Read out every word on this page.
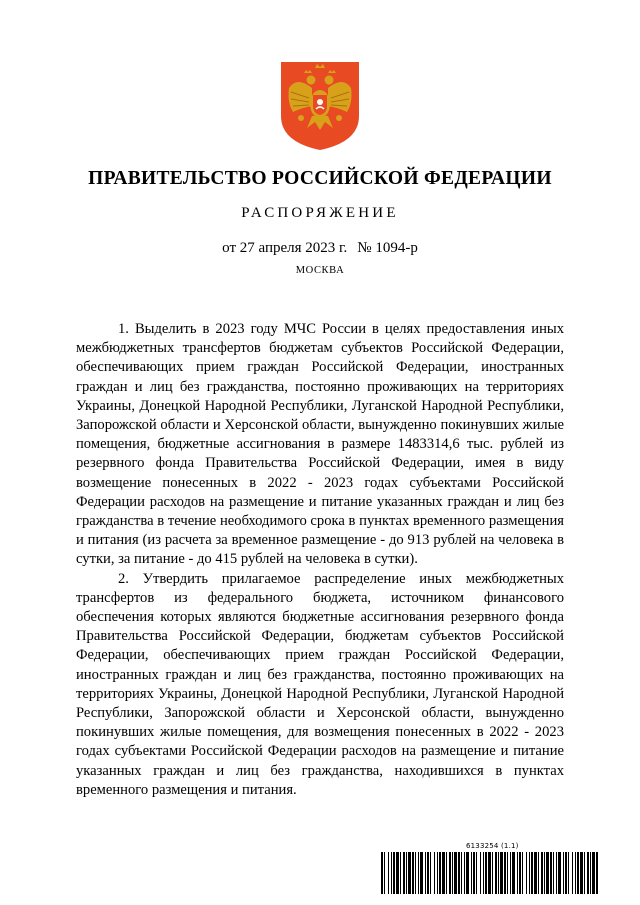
ПРАВИТЕЛЬСТВО РОССИЙСКОЙ ФЕДЕРАЦИИ
РАСПОРЯЖЕНИЕ
от 27 апреля 2023 г. № 1094-р
МОСКВА

1. Выделить в 2023 году МЧС России в целях предоставления иных межбюджетных трансфертов бюджетам субъектов Российской Федерации, обеспечивающих прием граждан Российской Федерации, иностранных граждан и лиц без гражданства, постоянно проживающих на территориях Украины, Донецкой Народной Республики, Луганской Народной Республики, Запорожской области и Херсонской области, вынужденно покинувших жилые помещения, бюджетные ассигнования в размере 1483314,6 тыс. рублей из резервного фонда Правительства Российской Федерации, имея в виду возмещение понесенных в 2022 - 2023 годах субъектами Российской Федерации расходов на размещение и питание указанных граждан и лиц без гражданства в течение необходимого срока в пунктах временного размещения и питания (из расчета за временное размещение - до 913 рублей на человека в сутки, за питание - до 415 рублей на человека в сутки).

2. Утвердить прилагаемое распределение иных межбюджетных трансфертов из федерального бюджета, источником финансового обеспечения которых являются бюджетные ассигнования резервного фонда Правительства Российской Федерации, бюджетам субъектов Российской Федерации, обеспечивающих прием граждан Российской Федерации, иностранных граждан и лиц без гражданства, постоянно проживающих на территориях Украины, Донецкой Народной Республики, Луганской Народной Республики, Запорожской области и Херсонской области, вынужденно покинувших жилые помещения, для возмещения понесенных в 2022 - 2023 годах субъектами Российской Федерации расходов на размещение и питание указанных граждан и лиц без гражданства, находившихся в пунктах временного размещения и питания.

6133254 (1.1)
